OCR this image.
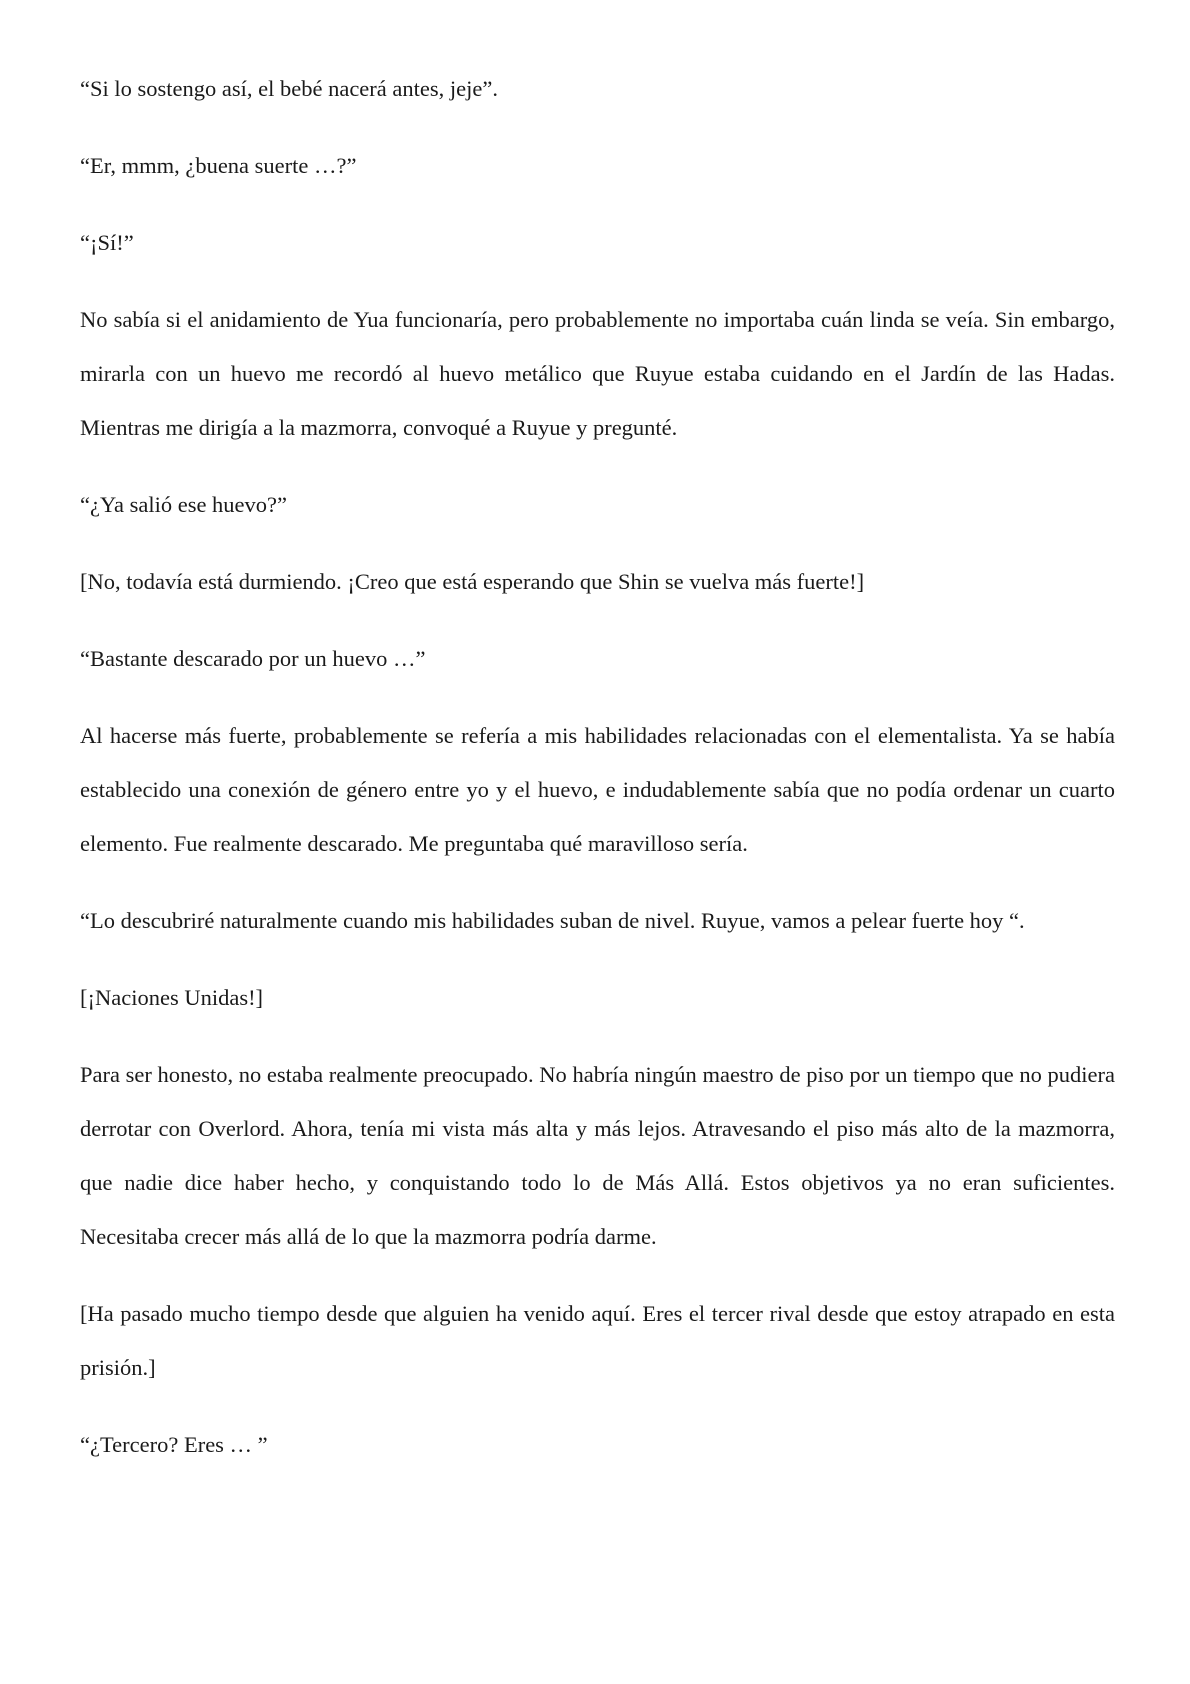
“Si lo sostengo así, el bebé nacerá antes, jeje”.

“Er, mmm, ¿buena suerte …?”

“¡Sí!”

No sabía si el anidamiento de Yua funcionaría, pero probablemente no importaba cuán linda se veía. Sin embargo, mirarla con un huevo me recordó al huevo metálico que Ruyue estaba cuidando en el Jardín de las Hadas. Mientras me dirigía a la mazmorra, convoqué a Ruyue y pregunté.

“¿Ya salió ese huevo?”

[No, todavía está durmiendo. ¡Creo que está esperando que Shin se vuelva más fuerte!]

“Bastante descarado por un huevo …”

Al hacerse más fuerte, probablemente se refería a mis habilidades relacionadas con el elementalista. Ya se había establecido una conexión de género entre yo y el huevo, e indudablemente sabía que no podía ordenar un cuarto elemento. Fue realmente descarado. Me preguntaba qué maravilloso sería.

“Lo descubriré naturalmente cuando mis habilidades suban de nivel. Ruyue, vamos a pelear fuerte hoy “.

[¡Naciones Unidas!]

Para ser honesto, no estaba realmente preocupado. No habría ningún maestro de piso por un tiempo que no pudiera derrotar con Overlord. Ahora, tenía mi vista más alta y más lejos. Atravesando el piso más alto de la mazmorra, que nadie dice haber hecho, y conquistando todo lo de Más Allá. Estos objetivos ya no eran suficientes. Necesitaba crecer más allá de lo que la mazmorra podría darme.

[Ha pasado mucho tiempo desde que alguien ha venido aquí. Eres el tercer rival desde que estoy atrapado en esta prisión.]

“¿Tercero? Eres … ”
